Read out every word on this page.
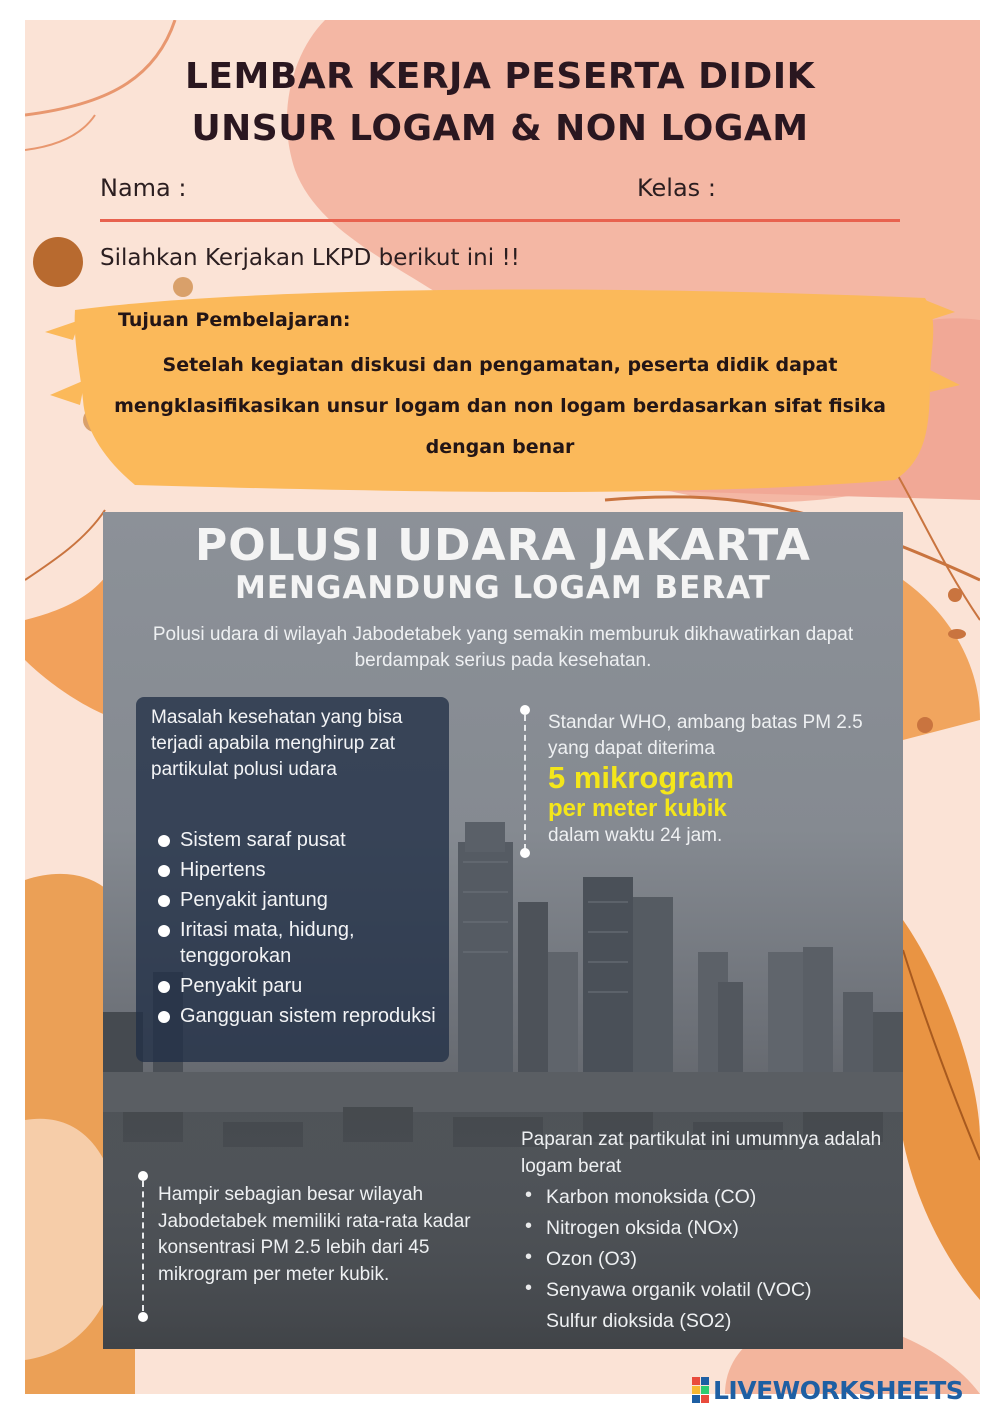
LEMBAR KERJA PESERTA DIDIK
UNSUR LOGAM & NON LOGAM
Nama :	Kelas :
Silahkan Kerjakan LKPD berikut ini !!
Tujuan Pembelajaran:
Setelah kegiatan diskusi dan pengamatan, peserta didik dapat mengklasifikasikan unsur logam dan non logam berdasarkan sifat fisika dengan benar
POLUSI UDARA JAKARTA
MENGANDUNG LOGAM BERAT
Polusi udara di wilayah Jabodetabek yang semakin memburuk dikhawatirkan dapat berdampak serius pada kesehatan.
Masalah kesehatan yang bisa terjadi apabila menghirup zat partikulat polusi udara
Sistem saraf pusat
Hipertens
Penyakit jantung
Iritasi mata, hidung, tenggorokan
Penyakit paru
Gangguan sistem reproduksi
Standar WHO, ambang batas PM 2.5 yang dapat diterima
5 mikrogram
per meter kubik
dalam waktu 24 jam.
Hampir sebagian besar wilayah Jabodetabek memiliki rata-rata kadar konsentrasi PM 2.5 lebih dari 45 mikrogram per meter kubik.
Paparan zat partikulat ini umumnya adalah logam berat
• Karbon monoksida (CO)
• Nitrogen oksida (NOx)
• Ozon (O3)
• Senyawa organik volatil (VOC)
Sulfur dioksida (SO2)
LIVEWORKSHEETS
